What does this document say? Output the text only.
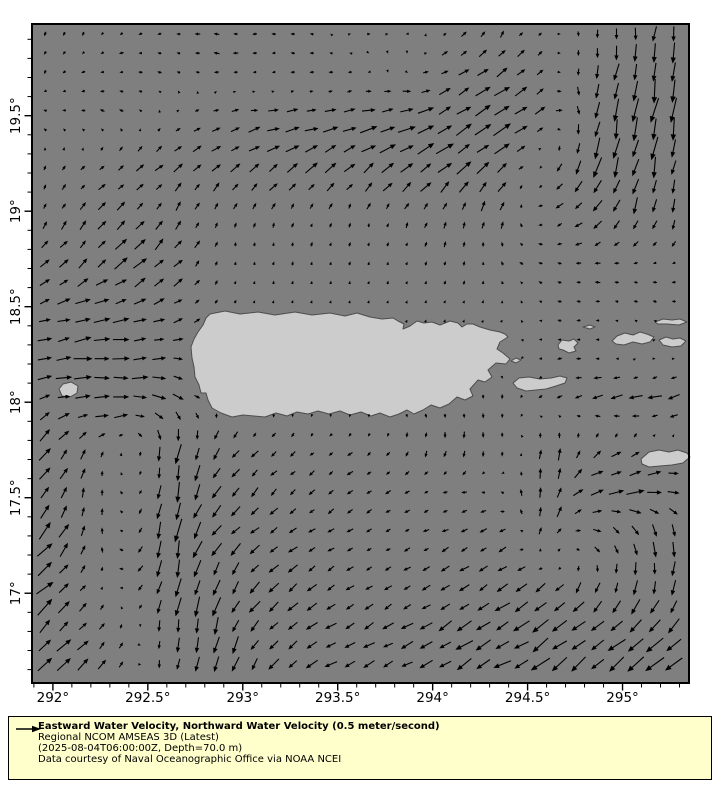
292°	292.5°	293°	293.5°	294°	294.5°	295°
17°
17.5°
18°
18.5°
19°
19.5°
Eastward Water Velocity, Northward Water Velocity (0.5 meter/second)
Regional NCOM AMSEAS 3D (Latest)
(2025-08-04T06:00:00Z, Depth=70.0 m)
Data courtesy of Naval Oceanographic Office via NOAA NCEI
